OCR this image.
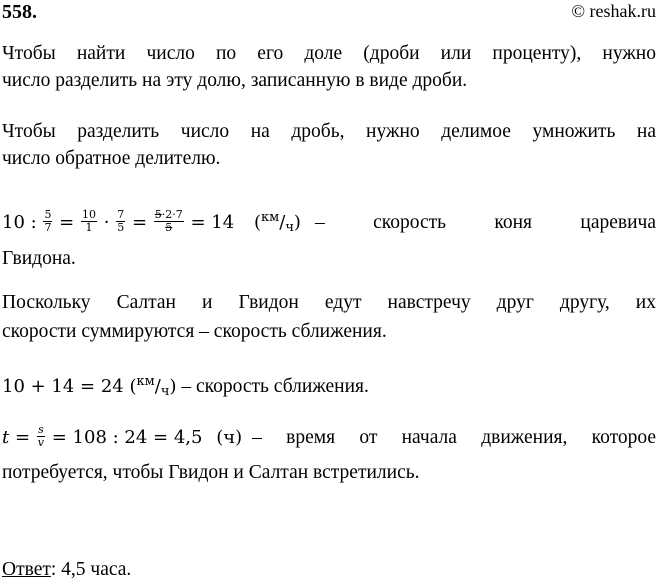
558.	© reshak.ru
Чтобы найти число по его доле (дроби или проценту), нужно
число разделить на эту долю, записанную в виде дроби.
Чтобы разделить число на дробь, нужно делимое умножить на
число обратное делителю.
10 : $\frac{5}{7} = \frac{10}{1} \cdot \frac{7}{5} = \frac{5\cdot 2\cdot 7}{5} = 14$ $(^{км}/_ч)$ – скорость коня царевича
Гвидона.
Поскольку Салтан и Гвидон едут навстречу друг другу, их
скорости суммируются – скорость сближения.
10 + 14 = 24 $(^{км}/_ч)$ – скорость сближения.
$t = \frac{s}{v} = 108$ : 24 = 4,5 (ч) – время от начала движения, которое
потребуется, чтобы Гвидон и Салтан встретились.
Ответ: 4,5 часа.
